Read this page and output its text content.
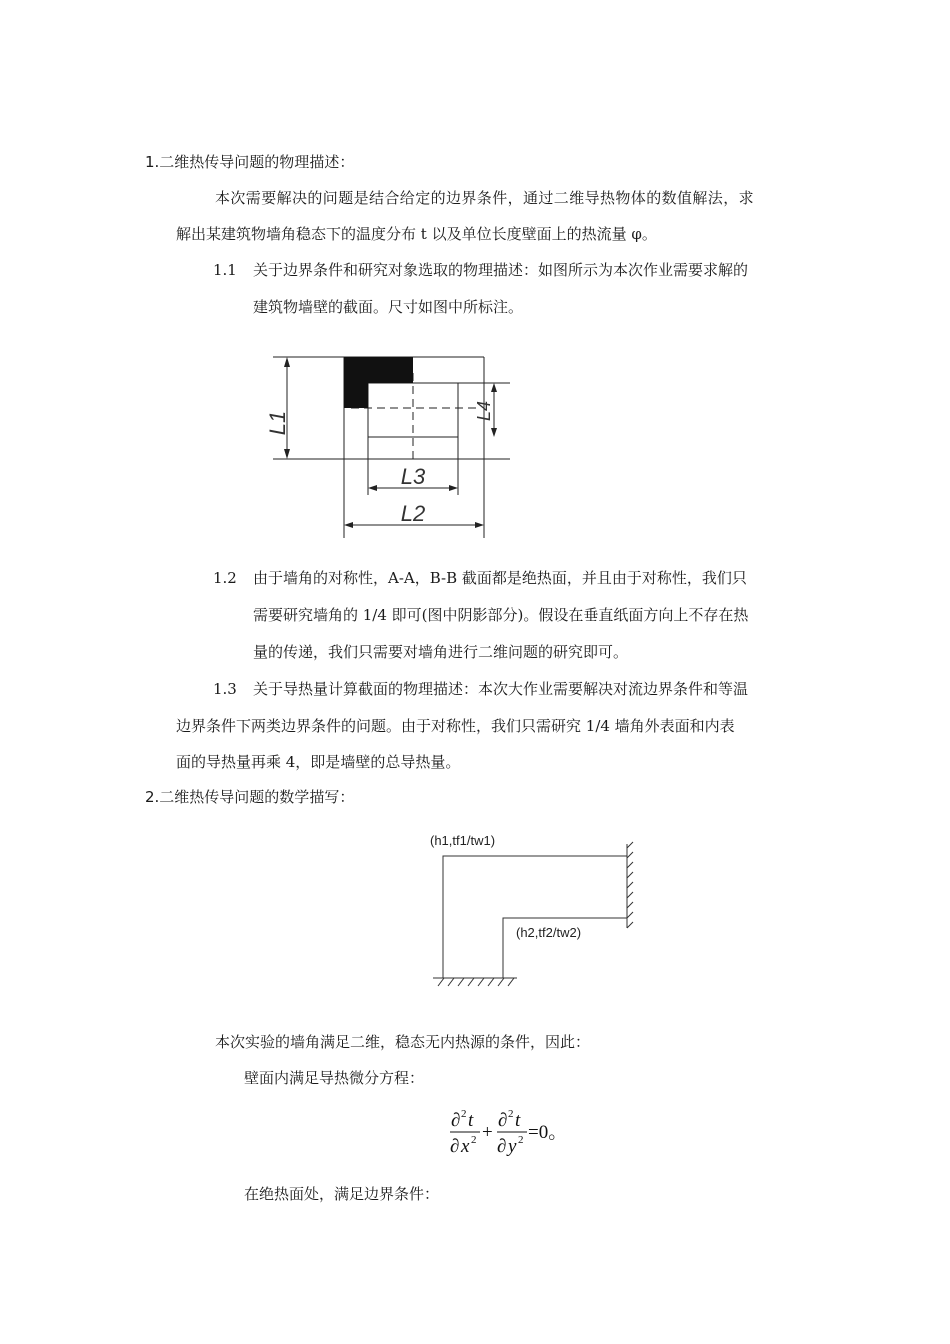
1.二维热传导问题的物理描述：
本次需要解决的问题是结合给定的边界条件，通过二维导热物体的数值解法，求
解出某建筑物墙角稳态下的温度分布 t 以及单位长度壁面上的热流量 φ。
1.1 关于边界条件和研究对象选取的物理描述：如图所示为本次作业需要求解的
建筑物墙壁的截面。尺寸如图中所标注。
L1	L4
L3
L2
1.2 由于墙角的对称性，A-A，B-B 截面都是绝热面，并且由于对称性，我们只
需要研究墙角的 1/4 即可(图中阴影部分)。假设在垂直纸面方向上不存在热
量的传递，我们只需要对墙角进行二维问题的研究即可。
1.3 关于导热量计算截面的物理描述：本次大作业需要解决对流边界条件和等温
边界条件下两类边界条件的问题。由于对称性，我们只需研究 1/4 墙角外表面和内表
面的导热量再乘 4，即是墙壁的总导热量。
2.二维热传导问题的数学描写：
(h1,tf1/tw1)
(h2,tf2/tw2)
本次实验的墙角满足二维，稳态无内热源的条件，因此：
壁面内满足导热微分方程：
∂ 2 t
∂ x 2 +
∂ 2 t
∂ y 2 =0。
在绝热面处，满足边界条件：
